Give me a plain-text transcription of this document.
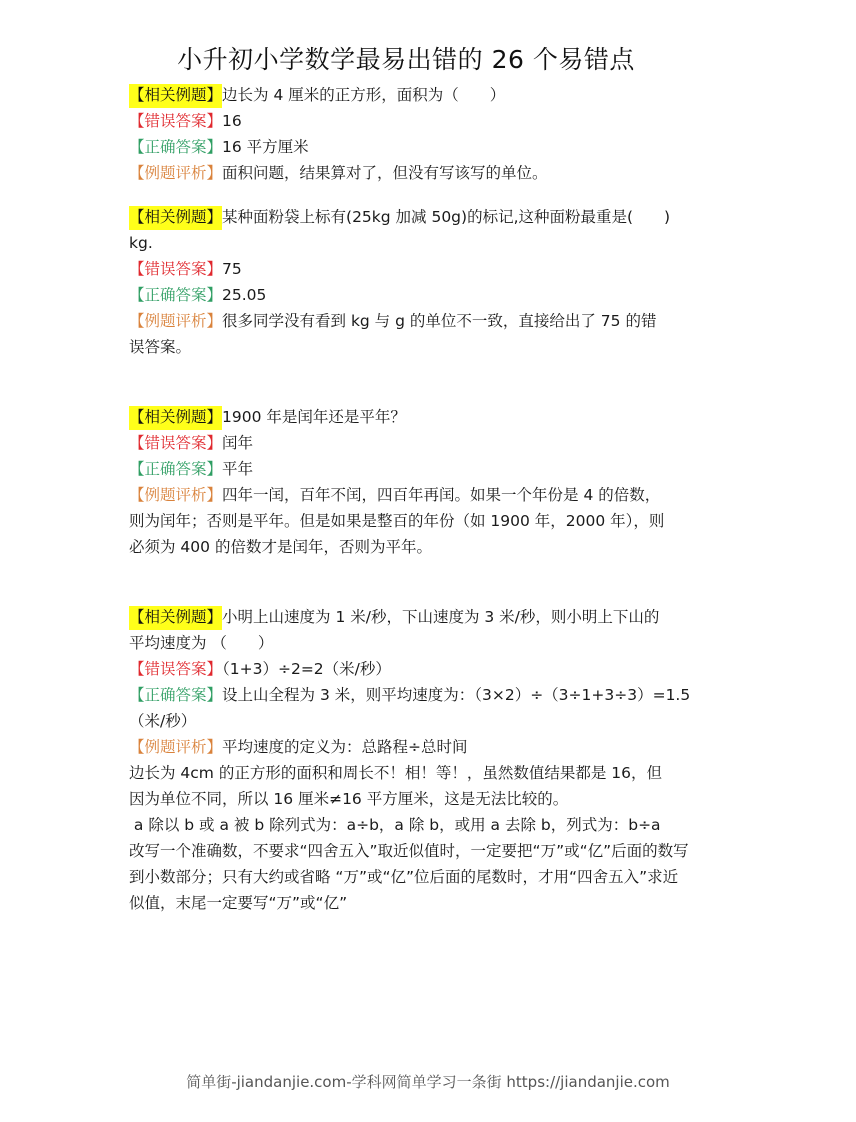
小升初小学数学最易出错的 26 个易错点
【相关例题】边长为 4 厘米的正方形，面积为（　　）
【错误答案】16
【正确答案】16 平方厘米
【例题评析】面积问题，结果算对了，但没有写该写的单位。
【相关例题】某种面粉袋上标有(25kg 加减 50g)的标记,这种面粉最重是(　　)
kg.
【错误答案】75
【正确答案】25.05
【例题评析】很多同学没有看到 kg 与 g 的单位不一致，直接给出了 75 的错
误答案。
【相关例题】1900 年是闰年还是平年？
【错误答案】闰年
【正确答案】平年
【例题评析】四年一闰，百年不闰，四百年再闰。如果一个年份是 4 的倍数，
则为闰年；否则是平年。但是如果是整百的年份（如 1900 年，2000 年），则
必须为 400 的倍数才是闰年，否则为平年。
【相关例题】小明上山速度为 1 米/秒，下山速度为 3 米/秒，则小明上下山的
平均速度为 （　　）
【错误答案】（1+3）÷2=2（米/秒）
【正确答案】设上山全程为 3 米，则平均速度为：（3×2）÷（3÷1+3÷3）=1.5
（米/秒）
【例题评析】平均速度的定义为：总路程÷总时间
边长为 4cm 的正方形的面积和周长不！相！等！，虽然数值结果都是 16，但
因为单位不同，所以 16 厘米≠16 平方厘米，这是无法比较的。
a 除以 b 或 a 被 b 除列式为：a÷b，a 除 b，或用 a 去除 b，列式为：b÷a
改写一个准确数，不要求“四舍五入”取近似值时，一定要把“万”或“亿”后面的数写
到小数部分；只有大约或省略 “万”或“亿”位后面的尾数时，才用“四舍五入”求近
似值，末尾一定要写“万”或“亿”
简单街-jiandanjie.com-学科网简单学习一条街 https://jiandanjie.com
